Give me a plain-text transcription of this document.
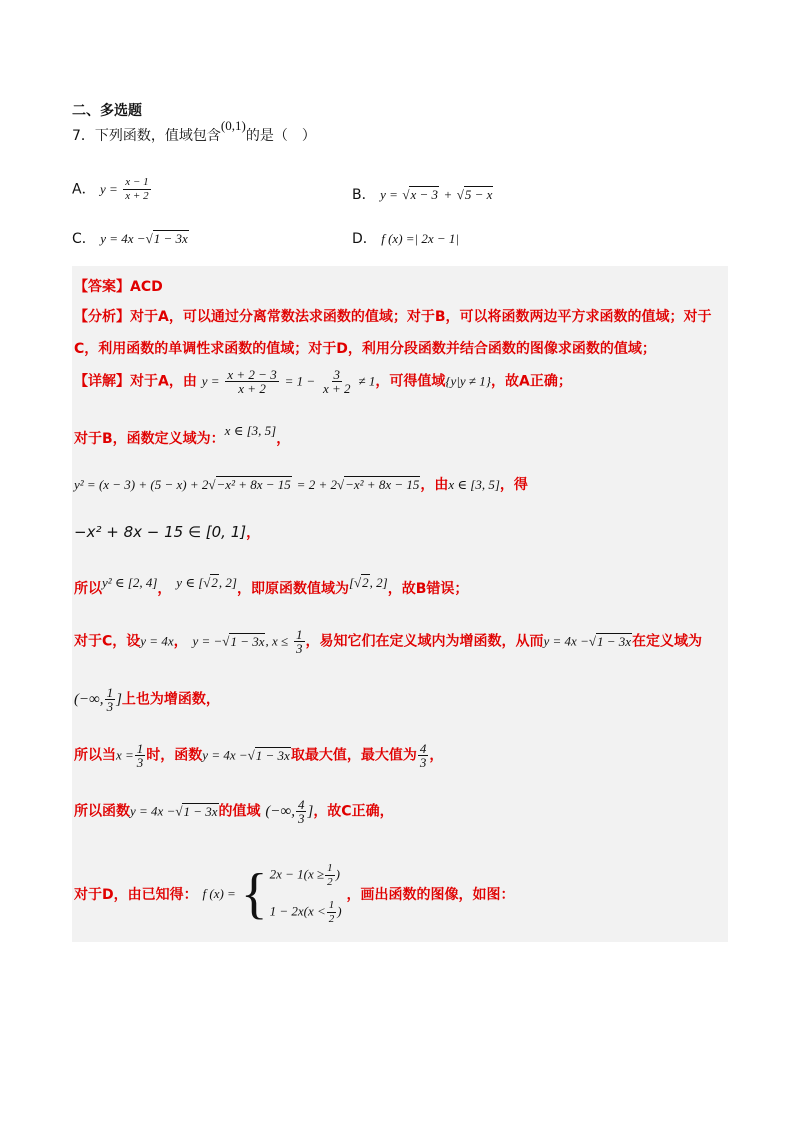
二、多选题
7．下列函数，值域包含(0,1)的是（　）
A． $y = \frac{x - 1}{x + 2}$	B． y = √x − 3 + √5 − x
C． y = 4x −√1 − 3x	D． f (x) =| 2x − 1|
【答案】ACD
【分析】对于A，可以通过分离常数法求函数的值域；对于B，可以将函数两边平方求函数的值域；对于
C，利用函数的单调性求函数的值域；对于D，利用分段函数并结合函数的图像求函数的值域；
【详解】对于A，由 $y = \frac{x + 2 - 3}{x + 2} = 1 - \frac{3}{x + 2} \ne 1$，可得值域{y|y ≠ 1}，故A正确；
对于B，函数定义域为：x ∈ [3, 5]，
y² = (x − 3) + (5 − x) + 2√−x² + 8x − 15 = 2 + 2√−x² + 8x − 15，由x ∈ [3, 5]，得
−x² + 8x − 15 ∈ [0, 1]，
所以y² ∈ [2, 4]， y ∈ [√2, 2]，即原函数值域为[√2, 2]，故B错误；
对于C，设y = 4x， y = −√1 − 3x, $x \le \frac{1}{3}$ ，易知它们在定义域内为增函数，从而y = 4x −√1 − 3x在定义域为
(−∞, $\frac{1}{3}$ ]上也为增函数，
所以当$x = \frac{1}{3}$ 时，函数y = 4x −√1 − 3x取最大值，最大值为 $\frac{4}{3}$ ，
所以函数y = 4x −√1 − 3x的值域 (−∞, $\frac{4}{3}$ ]，故C正确，
对于D，由已知得： f (x) = { $2x - 1(x \ge \frac{1}{2}$ )
$1 - 2x(x < \frac{1}{2}$ )
，画出函数的图像，如图：
